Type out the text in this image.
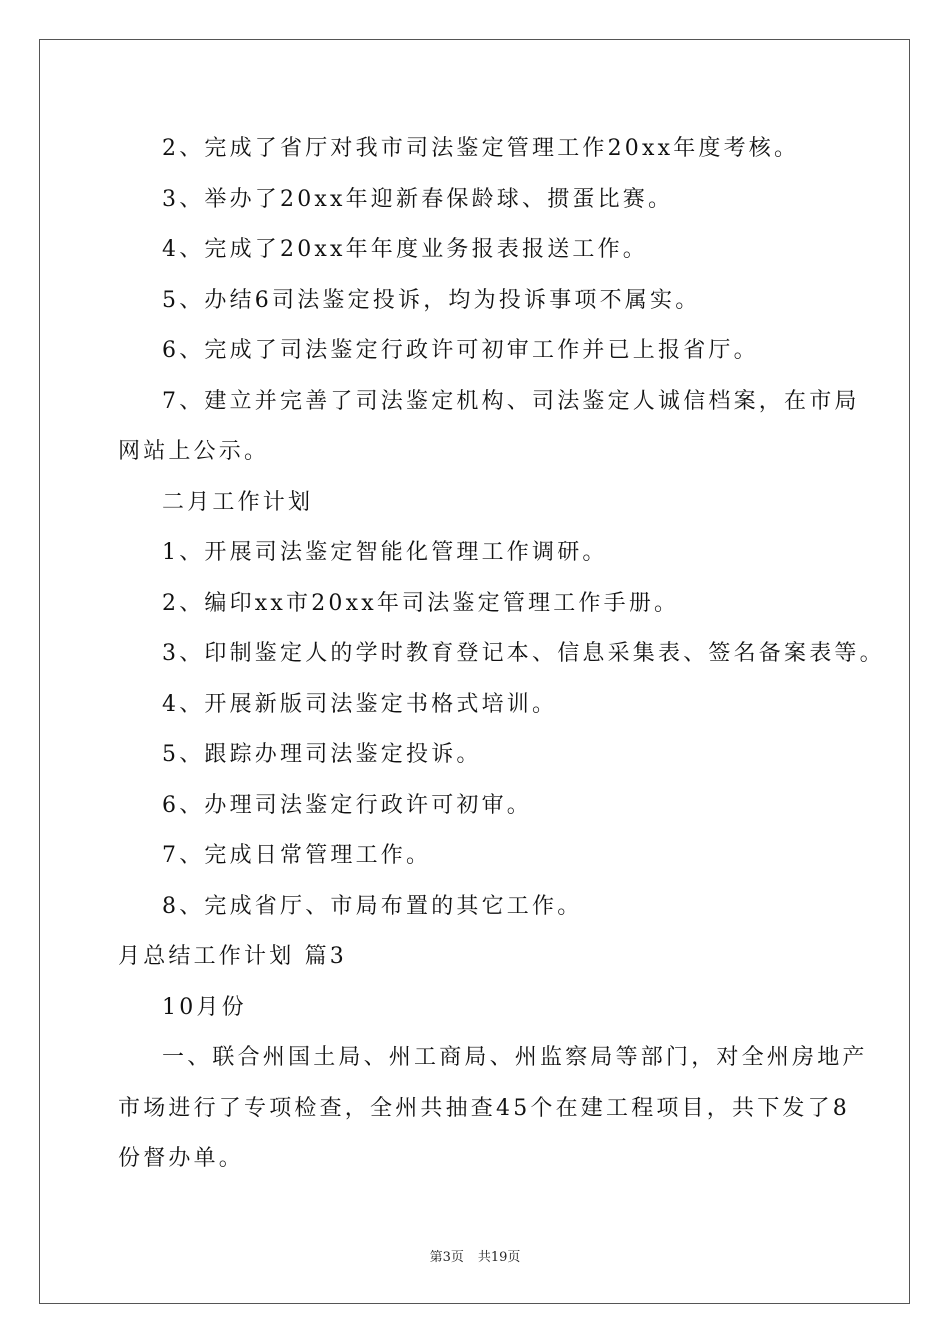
2、完成了省厅对我市司法鉴定管理工作20xx年度考核。
3、举办了20xx年迎新春保龄球、掼蛋比赛。
4、完成了20xx年年度业务报表报送工作。
5、办结6司法鉴定投诉，均为投诉事项不属实。
6、完成了司法鉴定行政许可初审工作并已上报省厅。
7、建立并完善了司法鉴定机构、司法鉴定人诚信档案，在市局
网站上公示。
二月工作计划
1、开展司法鉴定智能化管理工作调研。
2、编印xx市20xx年司法鉴定管理工作手册。
3、印制鉴定人的学时教育登记本、信息采集表、签名备案表等。
4、开展新版司法鉴定书格式培训。
5、跟踪办理司法鉴定投诉。
6、办理司法鉴定行政许可初审。
7、完成日常管理工作。
8、完成省厅、市局布置的其它工作。
月总结工作计划 篇3
10月份
一、联合州国土局、州工商局、州监察局等部门，对全州房地产
市场进行了专项检查，全州共抽查45个在建工程项目，共下发了8
份督办单。
第3页 共19页
